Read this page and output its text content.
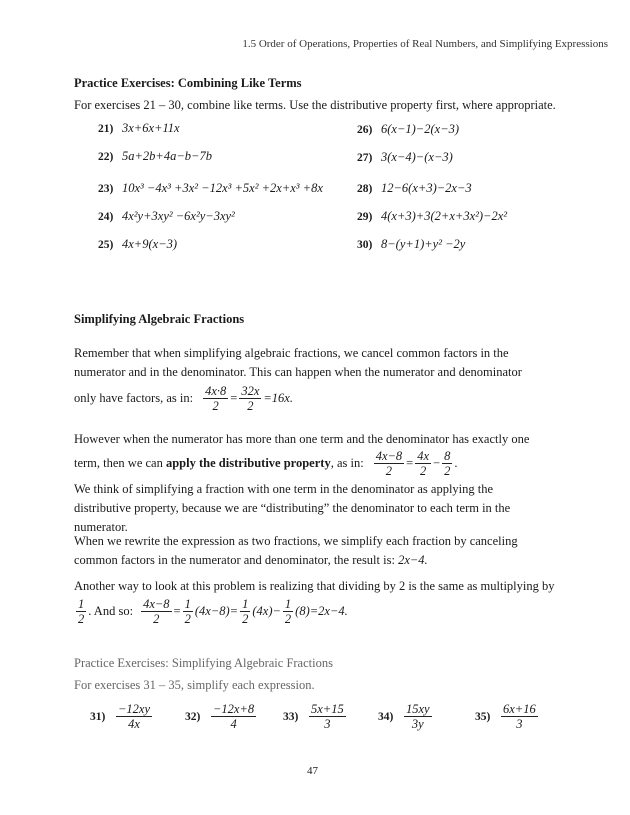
1.5 Order of Operations, Properties of Real Numbers, and Simplifying Expressions
Practice Exercises: Combining Like Terms
For exercises 21 – 30, combine like terms. Use the distributive property first, where appropriate.
21) 3x+6x+11x
22) 5a+2b+4a−b−7b
23) 10x³ −4x³ +3x² −12x³ +5x² +2x+x³ +8x
24) 4x²y+3xy² −6x²y−3xy²
25) 4x+9(x−3)
26) 6(x−1)−2(x−3)
27) 3(x−4)−(x−3)
28) 12−6(x+3)−2x−3
29) 4(x+3)+3(2+x+3x²)−2x²
30) 8−(y+1)+y² −2y
Simplifying Algebraic Fractions
Remember that when simplifying algebraic fractions, we cancel common factors in the
numerator and in the denominator. This can happen when the numerator and denominator
only have factors, as in: $\frac{4x\cdot 8}{2} = \frac{32x}{2} =16x$.
However when the numerator has more than one term and the denominator has exactly one
term, then we can
apply the distributive property , as in: $\frac{4x-8}{2} = \frac{4x}{2} - \frac{8}{2}$ .
We think of simplifying a fraction with one term in the denominator as applying the
distributive property, because we are “distributing” the denominator to each term in the
numerator.
When we rewrite the expression as two fractions, we simplify each fraction by canceling
common factors in the numerator and denominator, the result is: 2x−4.
Another way to look at this problem is realizing that dividing by 2 is the same as multiplying by
$\frac{1}{2}$ . And so: $\frac{4x-8}{2} = \frac{1}{2} (4x-8)= \frac{1}{2} (4x)- \frac{1}{2} (8) =2x-4$.
Practice Exercises: Simplifying Algebraic Fractions
For exercises 31 – 35, simplify each expression.
$31) \frac{-12xy}{4x}$	$32) \frac{-12x+8}{4} 33) \frac{5x+15}{3}$	$34) \frac{15xy}{3y}$	$35) \frac{6x+16}{3}$
47
